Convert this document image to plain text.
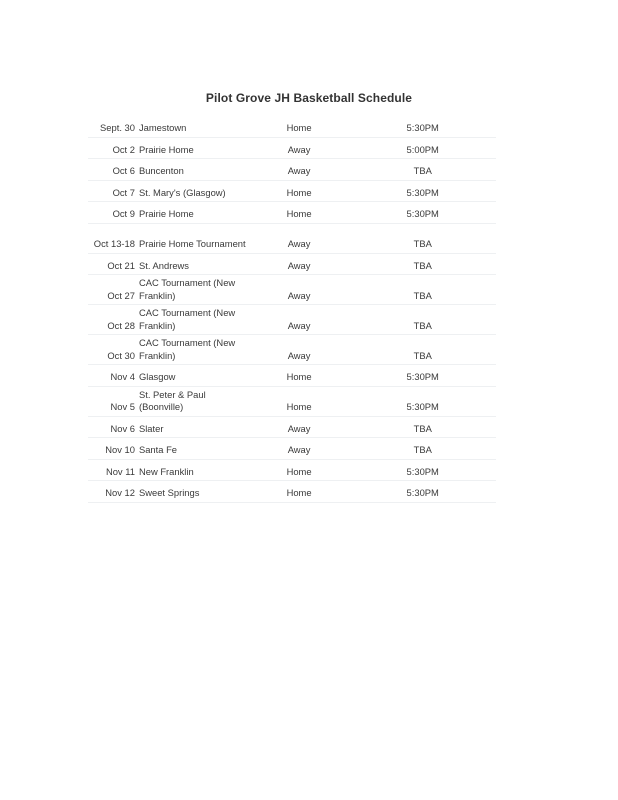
Pilot Grove JH Basketball Schedule
Sept. 30	Jamestown	Home	5:30PM
Oct 2	Prairie Home	Away	5:00PM
Oct 6	Buncenton	Away	TBA
Oct 7	St. Mary's (Glasgow)	Home	5:30PM
Oct 9	Prairie Home	Home	5:30PM
Oct 13-18	Prairie Home Tournament	Away	TBA
Oct 21	St. Andrews	Away	TBA
Oct 27	CAC Tournament (New Franklin)	Away	TBA
Oct 28	CAC Tournament (New Franklin)	Away	TBA
Oct 30	CAC Tournament (New Franklin)	Away	TBA
Nov 4	Glasgow	Home	5:30PM
Nov 5	St. Peter & Paul (Boonville)	Home	5:30PM
Nov 6	Slater	Away	TBA
Nov 10	Santa Fe	Away	TBA
Nov 11	New Franklin	Home	5:30PM
Nov 12	Sweet Springs	Home	5:30PM
